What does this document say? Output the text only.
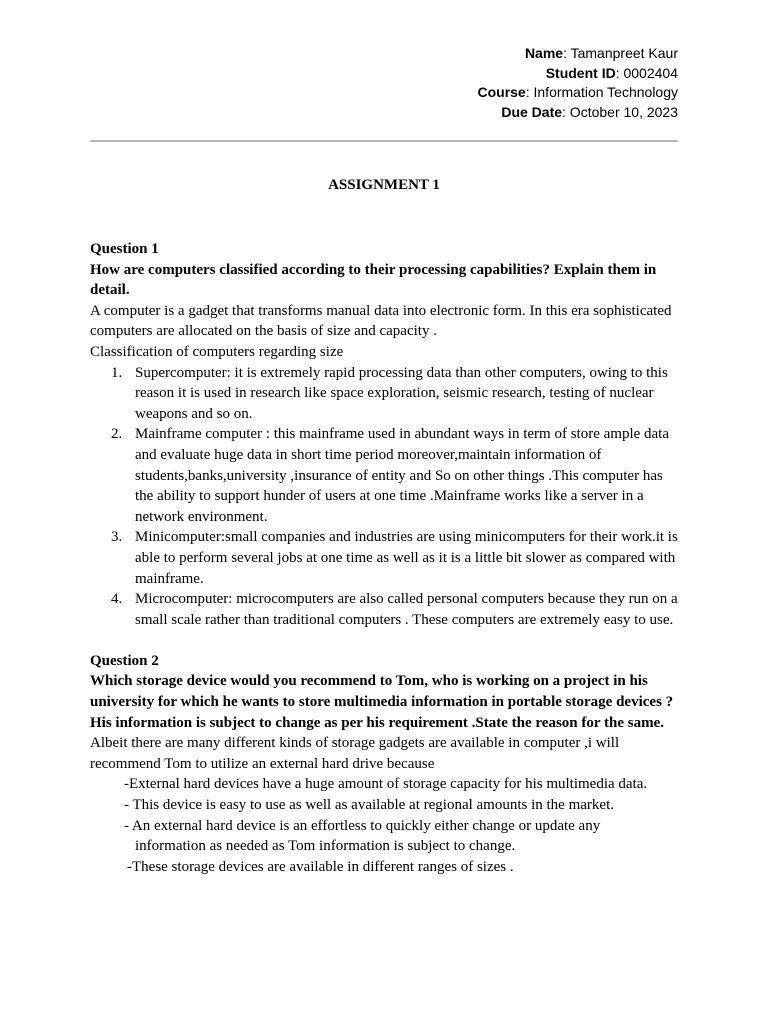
Name: Tamanpreet Kaur
Student ID: 0002404
Course: Information Technology
Due Date: October 10, 2023
ASSIGNMENT 1

Question 1

How are computers classified according to their processing capabilities? Explain them in detail.

A computer is a gadget that transforms manual data into electronic form. In this era sophisticated computers are allocated on the basis of size and capacity .

Classification of computers regarding size

1. Supercomputer: it is extremely rapid processing data than other computers, owing to this reason it is used in research like space exploration, seismic research, testing of nuclear weapons and so on.
2. Mainframe computer : this mainframe used in abundant ways in term of store ample data and evaluate huge data in short time period moreover,maintain information of students,banks,university ,insurance of entity and So on other things .This computer has the ability to support hunder of users at one time .Mainframe works like a server in a network environment.
3. Minicomputer:small companies and industries are using minicomputers for their work.it is able to perform several jobs at one time as well as it is a little bit slower as compared with mainframe.
4. Microcomputer: microcomputers are also called personal computers because they run on a small scale rather than traditional computers . These computers are extremely easy to use.

Question 2

Which storage device would you recommend to Tom, who is working on a project in his university for which he wants to store multimedia information in portable storage devices ?His information is subject to change as per his requirement .State the reason for the same.

Albeit there are many different kinds of storage gadgets are available in computer ,i will recommend Tom to utilize an external hard drive because

-External hard devices have a huge amount of storage capacity for his multimedia data.

- This device is easy to use as well as available at regional amounts in the market.

- An external hard device is an effortless to quickly either change or update any

information as needed as Tom information is subject to change.

-These storage devices are available in different ranges of sizes .
